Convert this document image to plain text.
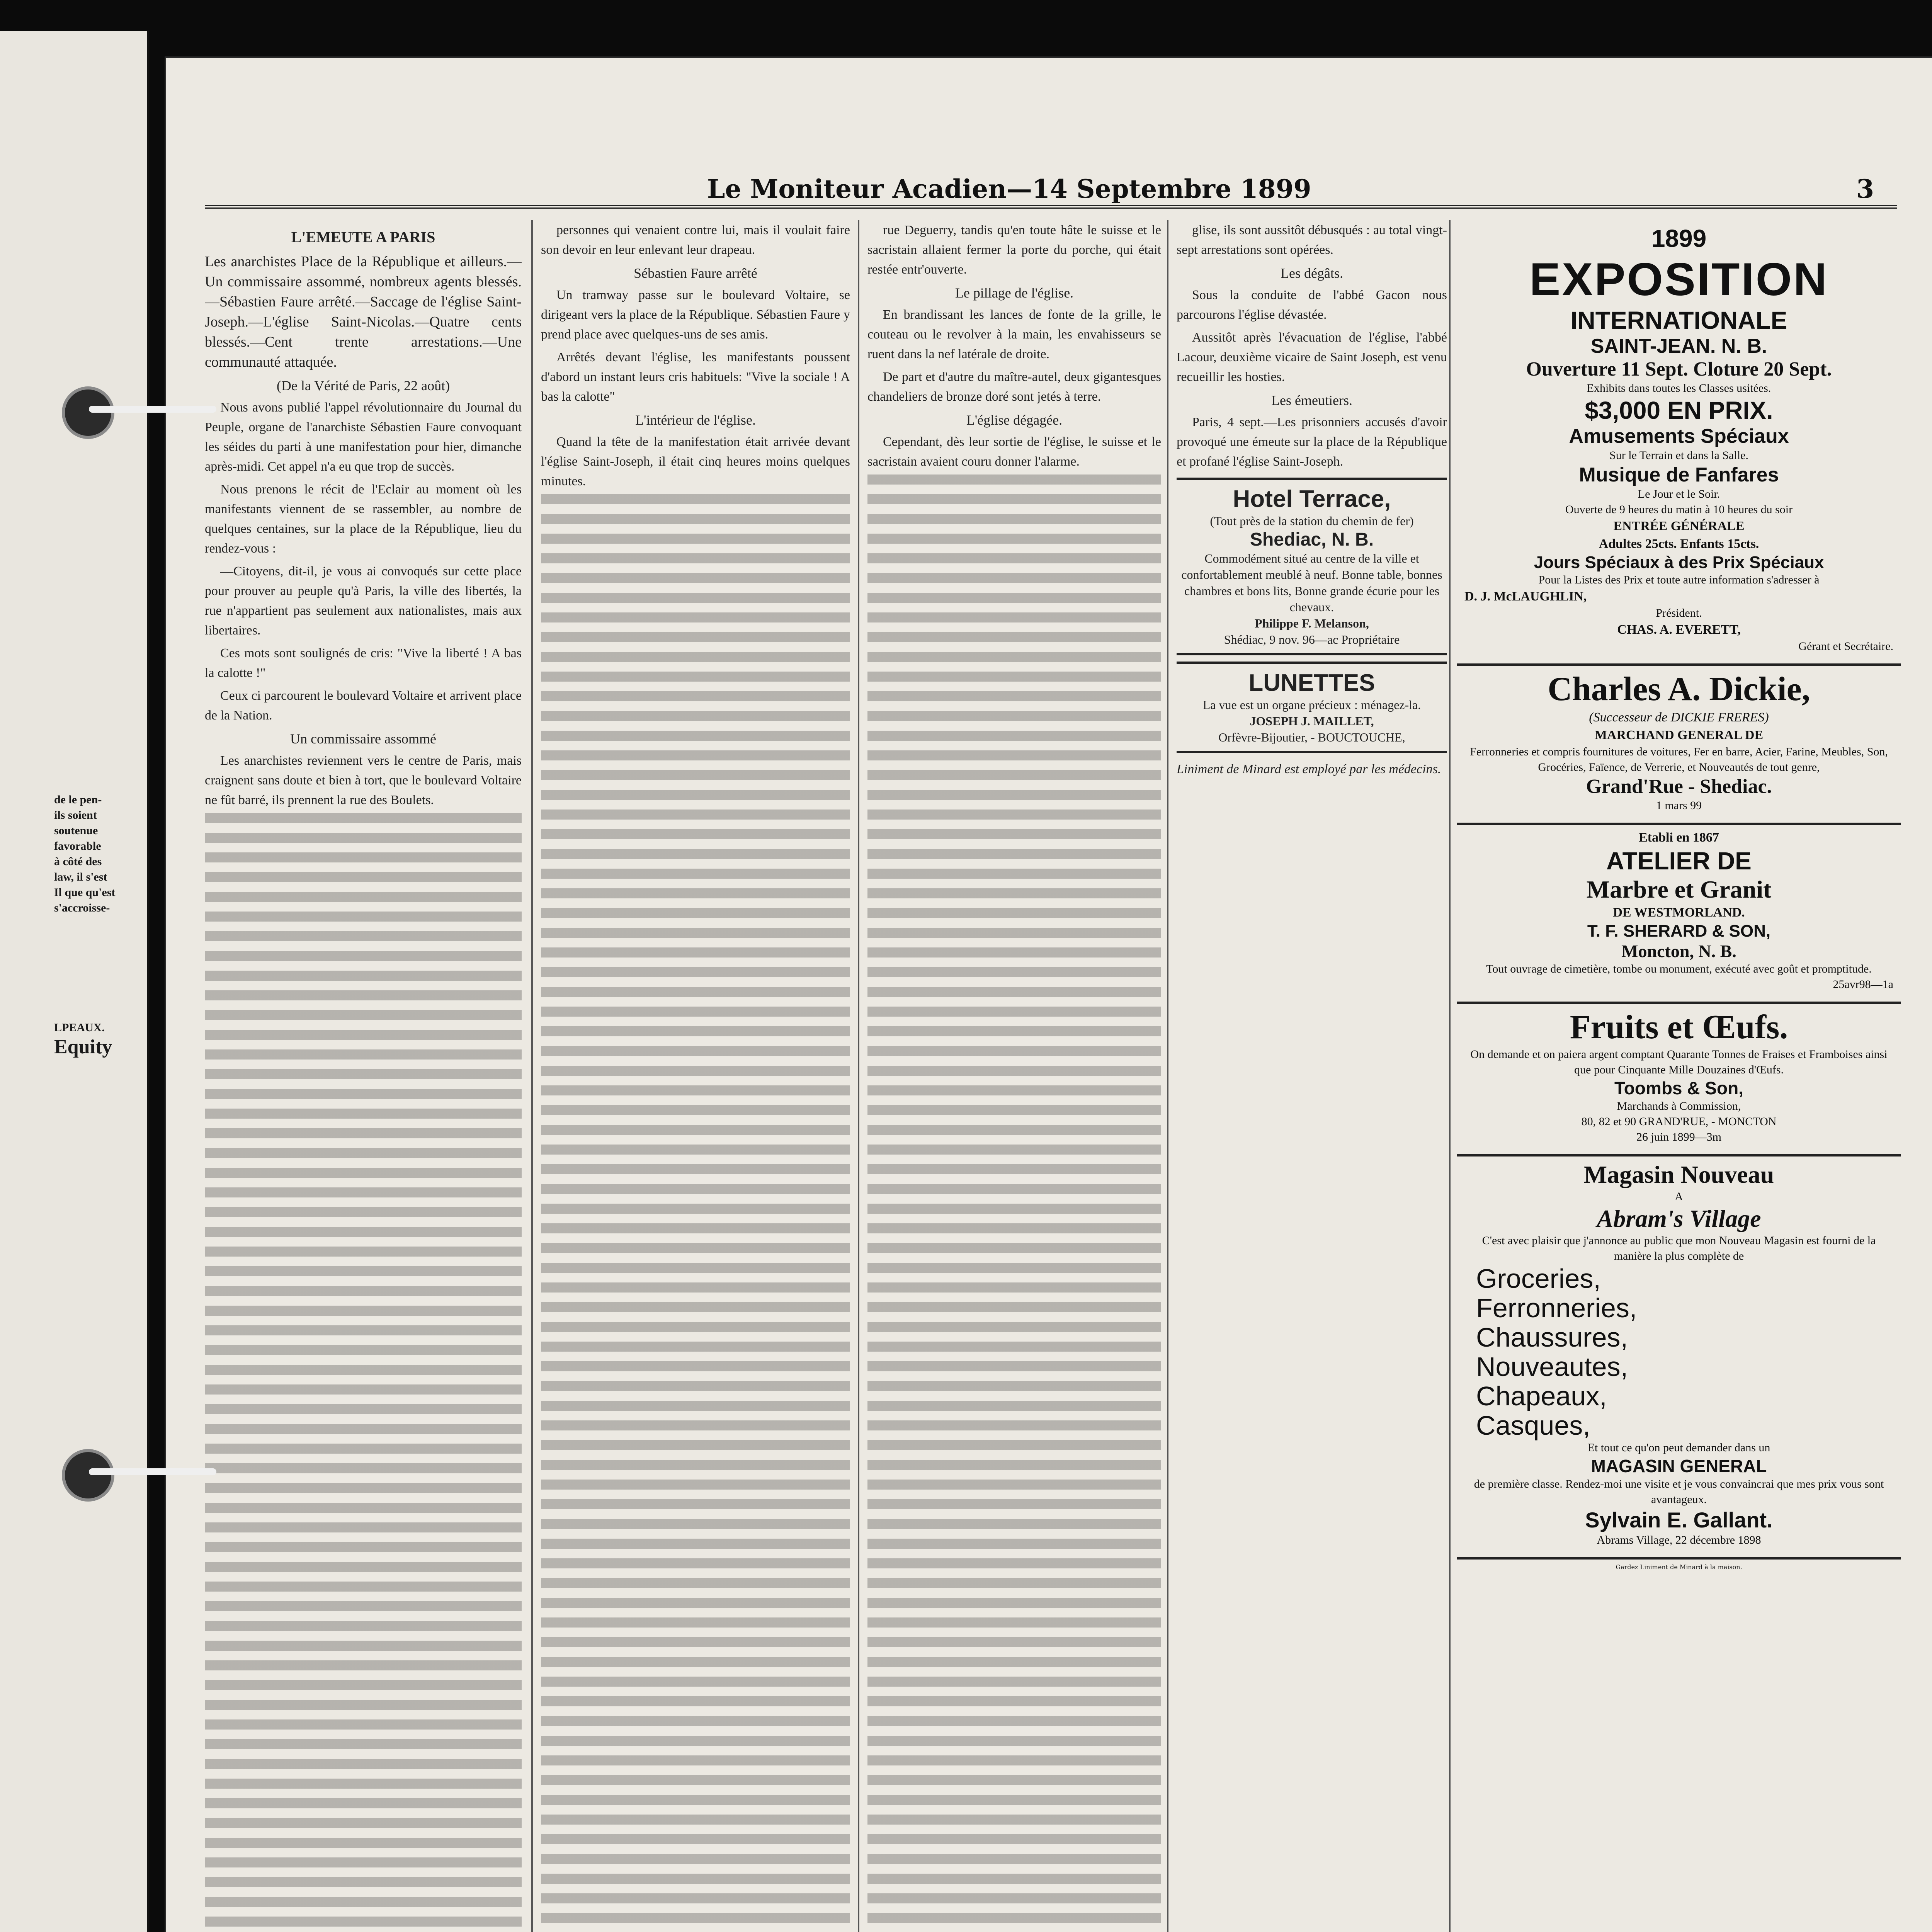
de le pen-
ils soient
soutenue
favorable
à côté des
law, il s'est
Il que qu'est
s'accroisse-
LPEAUX.
Equity
Le Moniteur Acadien—14 Septembre 1899	3
L'EMEUTE A PARIS

Les anarchistes Place de la République et ailleurs.—Un commissaire assommé, nombreux agents blessés.—Sébastien Faure arrêté.—Saccage de l'église Saint-Joseph.—L'église Saint-Nicolas.—Quatre cents blessés.—Cent trente arrestations.—Une communauté attaquée.

(De la Vérité de Paris, 22 août)

Nous avons publié l'appel révolutionnaire du Journal du Peuple, organe de l'anarchiste Sébastien Faure convoquant les séides du parti à une manifestation pour hier, dimanche après-midi. Cet appel n'a eu que trop de succès.

Nous prenons le récit de l'Eclair au moment où les manifestants viennent de se rassembler, au nombre de quelques centaines, sur la place de la République, lieu du rendez-vous :

—Citoyens, dit-il, je vous ai convoqués sur cette place pour prouver au peuple qu'à Paris, la ville des libertés, la rue n'appartient pas seulement aux nationalistes, mais aux libertaires.

Ces mots sont soulignés de cris: "Vive la liberté ! A bas la calotte !"

Ceux ci parcourent le boulevard Voltaire et arrivent place de la Nation.

Un commissaire assommé

Les anarchistes reviennent vers le centre de Paris, mais craignent sans doute et bien à tort, que le boulevard Voltaire ne fût barré, ils prennent la rue des Boulets.

personnes qui venaient contre lui, mais il voulait faire son devoir en leur enlevant leur drapeau.

Sébastien Faure arrêté

Un tramway passe sur le boulevard Voltaire, se dirigeant vers la place de la République. Sébastien Faure y prend place avec quelques-uns de ses amis.

Arrêtés devant l'église, les manifestants poussent d'abord un instant leurs cris habituels: "Vive la sociale ! A bas la calotte"

L'intérieur de l'église.

Quand la tête de la manifestation était arrivée devant l'église Saint-Joseph, il était cinq heures moins quelques minutes.

rue Deguerry, tandis qu'en toute hâte le suisse et le sacristain allaient fermer la porte du porche, qui était restée entr'ouverte.

Le pillage de l'église.

En brandissant les lances de fonte de la grille, le couteau ou le revolver à la main, les envahisseurs se ruent dans la nef latérale de droite.

De part et d'autre du maître-autel, deux gigantesques chandeliers de bronze doré sont jetés à terre.

L'église dégagée.

Cependant, dès leur sortie de l'église, le suisse et le sacristain avaient couru donner l'alarme.

glise, ils sont aussitôt débusqués : au total vingt-sept arrestations sont opérées.

Les dégâts.

Sous la conduite de l'abbé Gacon nous parcourons l'église dévastée.

Aussitôt après l'évacuation de l'église, l'abbé Lacour, deuxième vicaire de Saint Joseph, est venu recueillir les hosties.

Les émeutiers.

Paris, 4 sept.—Les prisonniers accusés d'avoir provoqué une émeute sur la place de la République et profané l'église Saint-Joseph.

Hotel Terrace,
(Tout près de la station du chemin de fer)
Shediac, N. B.
Commodément situé au centre de la ville et confortablement meublé à neuf. Bonne table, bonnes chambres et bons lits, Bonne grande écurie pour les chevaux.
Philippe F. Melanson,
Shédiac, 9 nov. 96—ac Propriétaire
LUNETTES
La vue est un organe précieux : ménagez-la.
JOSEPH J. MAILLET,
Orfèvre-Bijoutier, - BOUCTOUCHE,

Liniment de Minard est employé par les médecins.

1899
EXPOSITION
INTERNATIONALE
SAINT-JEAN. N. B.
Ouverture 11 Sept. Cloture 20 Sept.
Exhibits dans toutes les Classes usitées.
$3,000 EN PRIX.
Amusements Spéciaux
Sur le Terrain et dans la Salle.
Musique de Fanfares
Le Jour et le Soir.
Ouverte de 9 heures du matin à 10 heures du soir
ENTRÉE GÉNÉRALE
Adultes 25cts. Enfants 15cts.
Jours Spéciaux à des Prix Spéciaux
Pour la Listes des Prix et toute autre information s'adresser à
D. J. McLAUGHLIN,
Président.
CHAS. A. EVERETT,
Gérant et Secrétaire.
Charles A. Dickie,
(Successeur de DICKIE FRERES)
MARCHAND GENERAL DE
Ferronneries et compris fournitures de voitures, Fer en barre, Acier, Farine, Meubles, Son, Grocéries, Faïence, de Verrerie, et Nouveautés de tout genre,
Grand'Rue - Shediac.
1 mars 99
Etabli en 1867
ATELIER DE
Marbre et Granit
DE WESTMORLAND.
T. F. SHERARD & SON,
Moncton, N. B.
Tout ouvrage de cimetière, tombe ou monument, exécuté avec goût et promptitude.
25avr98—1a
Fruits et Œufs.
On demande et on paiera argent comptant Quarante Tonnes de Fraises et Framboises ainsi que pour Cinquante Mille Douzaines d'Œufs.
Toombs & Son,
Marchands à Commission,
80, 82 et 90 GRAND'RUE, - MONCTON
26 juin 1899—3m
Magasin Nouveau
A
Abram's Village
C'est avec plaisir que j'annonce au public que mon Nouveau Magasin est fourni de la manière la plus complète de
Groceries,
Ferronneries,
Chaussures,
Nouveautes,
Chapeaux,
Casques,
Et tout ce qu'on peut demander dans un
MAGASIN GENERAL
de première classe. Rendez-moi une visite et je vous convaincrai que mes prix vous sont avantageux.
Sylvain E. Gallant.
Abrams Village, 22 décembre 1898
Gardez Liniment de Minard à la maison.
